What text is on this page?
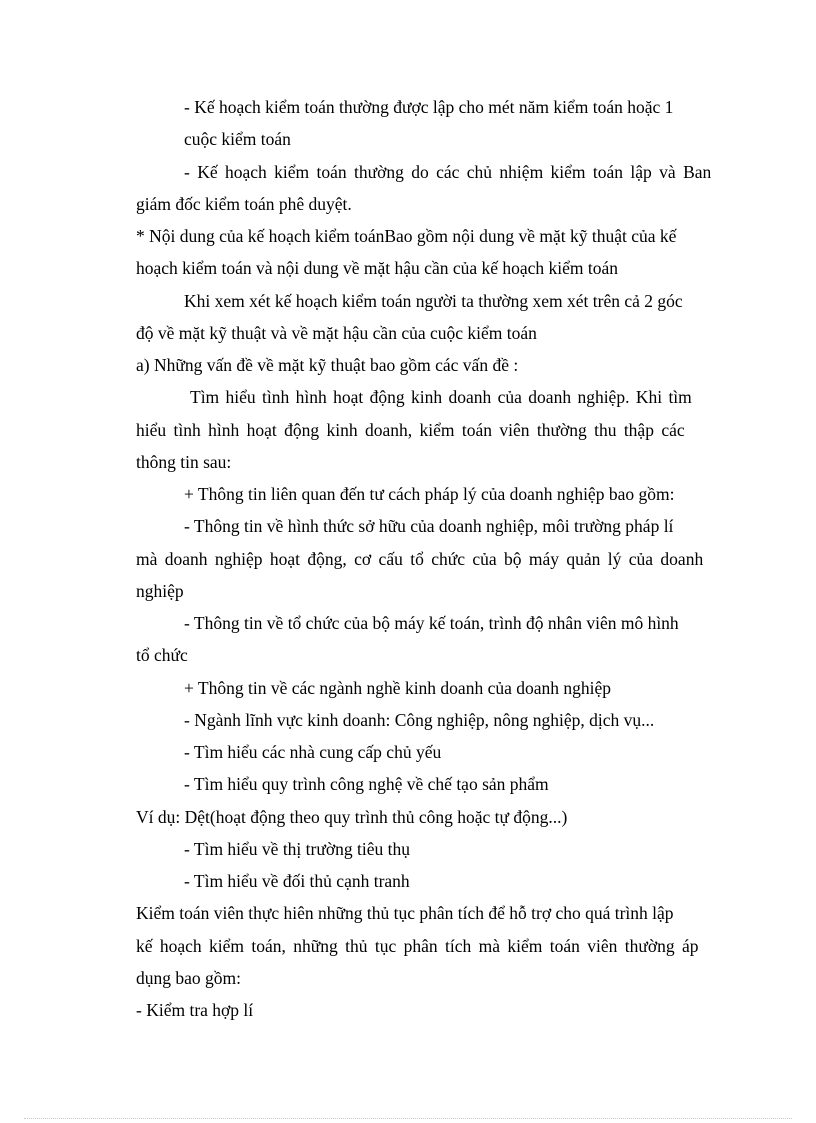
- Kế hoạch kiểm toán thường được lập cho mét năm kiểm toán hoặc 1
cuộc kiểm toán
- Kế hoạch kiểm toán thường do các chủ nhiệm kiểm toán lập và Ban
giám đốc kiểm toán phê duyệt.
* Nội dung của kế hoạch kiểm toánBao gồm nội dung về mặt kỹ thuật của kế
hoạch kiểm toán và nội dung về mặt hậu cần của kế hoạch kiểm toán
Khi xem xét kế hoạch kiểm toán người ta thường xem xét trên cả 2 góc
độ về mặt kỹ thuật và về mặt hậu cần của cuộc kiểm toán
a) Những vấn đề về mặt kỹ thuật bao gồm các vấn đề :
Tìm hiểu tình hình hoạt động kinh doanh của doanh nghiệp. Khi tìm
hiểu tình hình hoạt động kinh doanh, kiểm toán viên thường thu thập các
thông tin sau:
+ Thông tin liên quan đến tư cách pháp lý của doanh nghiệp bao gồm:
- Thông tin về hình thức sở hữu của doanh nghiệp, môi trường pháp lí
mà doanh nghiệp hoạt động, cơ cấu tổ chức của bộ máy quản lý của doanh
nghiệp
- Thông tin về tổ chức của bộ máy kế toán, trình độ nhân viên mô hình
tổ chức
+ Thông tin về các ngành nghề kinh doanh của doanh nghiệp
- Ngành lĩnh vực kinh doanh: Công nghiệp, nông nghiệp, dịch vụ...
- Tìm hiểu các nhà cung cấp chủ yếu
- Tìm hiểu quy trình công nghệ về chế tạo sản phẩm
Ví dụ: Dệt(hoạt động theo quy trình thủ công hoặc tự động...)
- Tìm hiểu về thị trường tiêu thụ
- Tìm hiểu về đối thủ cạnh tranh
Kiểm toán viên thực hiên những thủ tục phân tích để hỗ trợ cho quá trình lập
kế hoạch kiểm toán, những thủ tục phân tích mà kiểm toán viên thường áp
dụng bao gồm:
- Kiểm tra hợp lí
